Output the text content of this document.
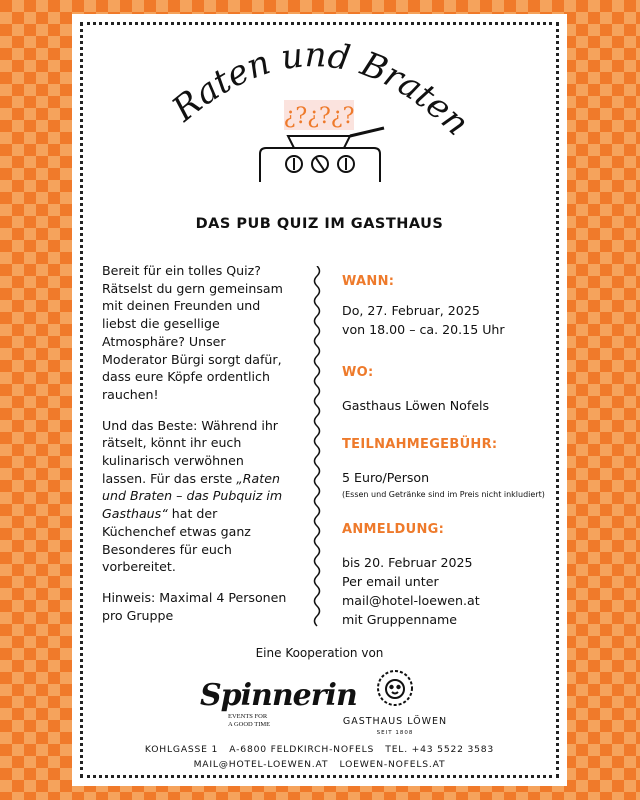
Raten und Braten
¿?¿?¿?
DAS PUB QUIZ IM GASTHAUS

Bereit für ein tolles Quiz? Rätselst du gern gemeinsam mit deinen Freunden und liebst die gesellige Atmosphäre? Unser Moderator Bürgi sorgt dafür, dass eure Köpfe ordentlich rauchen!

Und das Beste: Während ihr rätselt, könnt ihr euch kulinarisch verwöhnen lassen. Für das erste „Raten und Braten – das Pubquiz im Gasthaus“ hat der Küchenchef etwas ganz Besonderes für euch vorbereitet.

Hinweis: Maximal 4 Personen pro Gruppe

WANN:
Do, 27. Februar, 2025
von 18.00 – ca. 20.15 Uhr
WO:
Gasthaus Löwen Nofels
TEILNAHMEGEBÜHR:
5 Euro/Person
(Essen und Getränke sind im Preis nicht inkludiert)
ANMELDUNG:
bis 20. Februar 2025
Per email unter
mail@hotel-loewen.at
mit Gruppenname
Eine Kooperation von
Spinnerin
EVENTS FOR
A GOOD TIME	GASTHAUS LÖWEN
SEIT 1808
KOHLGASSE 1   A-6800 FELDKIRCH-NOFELS   TEL. +43 5522 3583
MAIL@HOTEL-LOEWEN.AT   LOEWEN-NOFELS.AT
